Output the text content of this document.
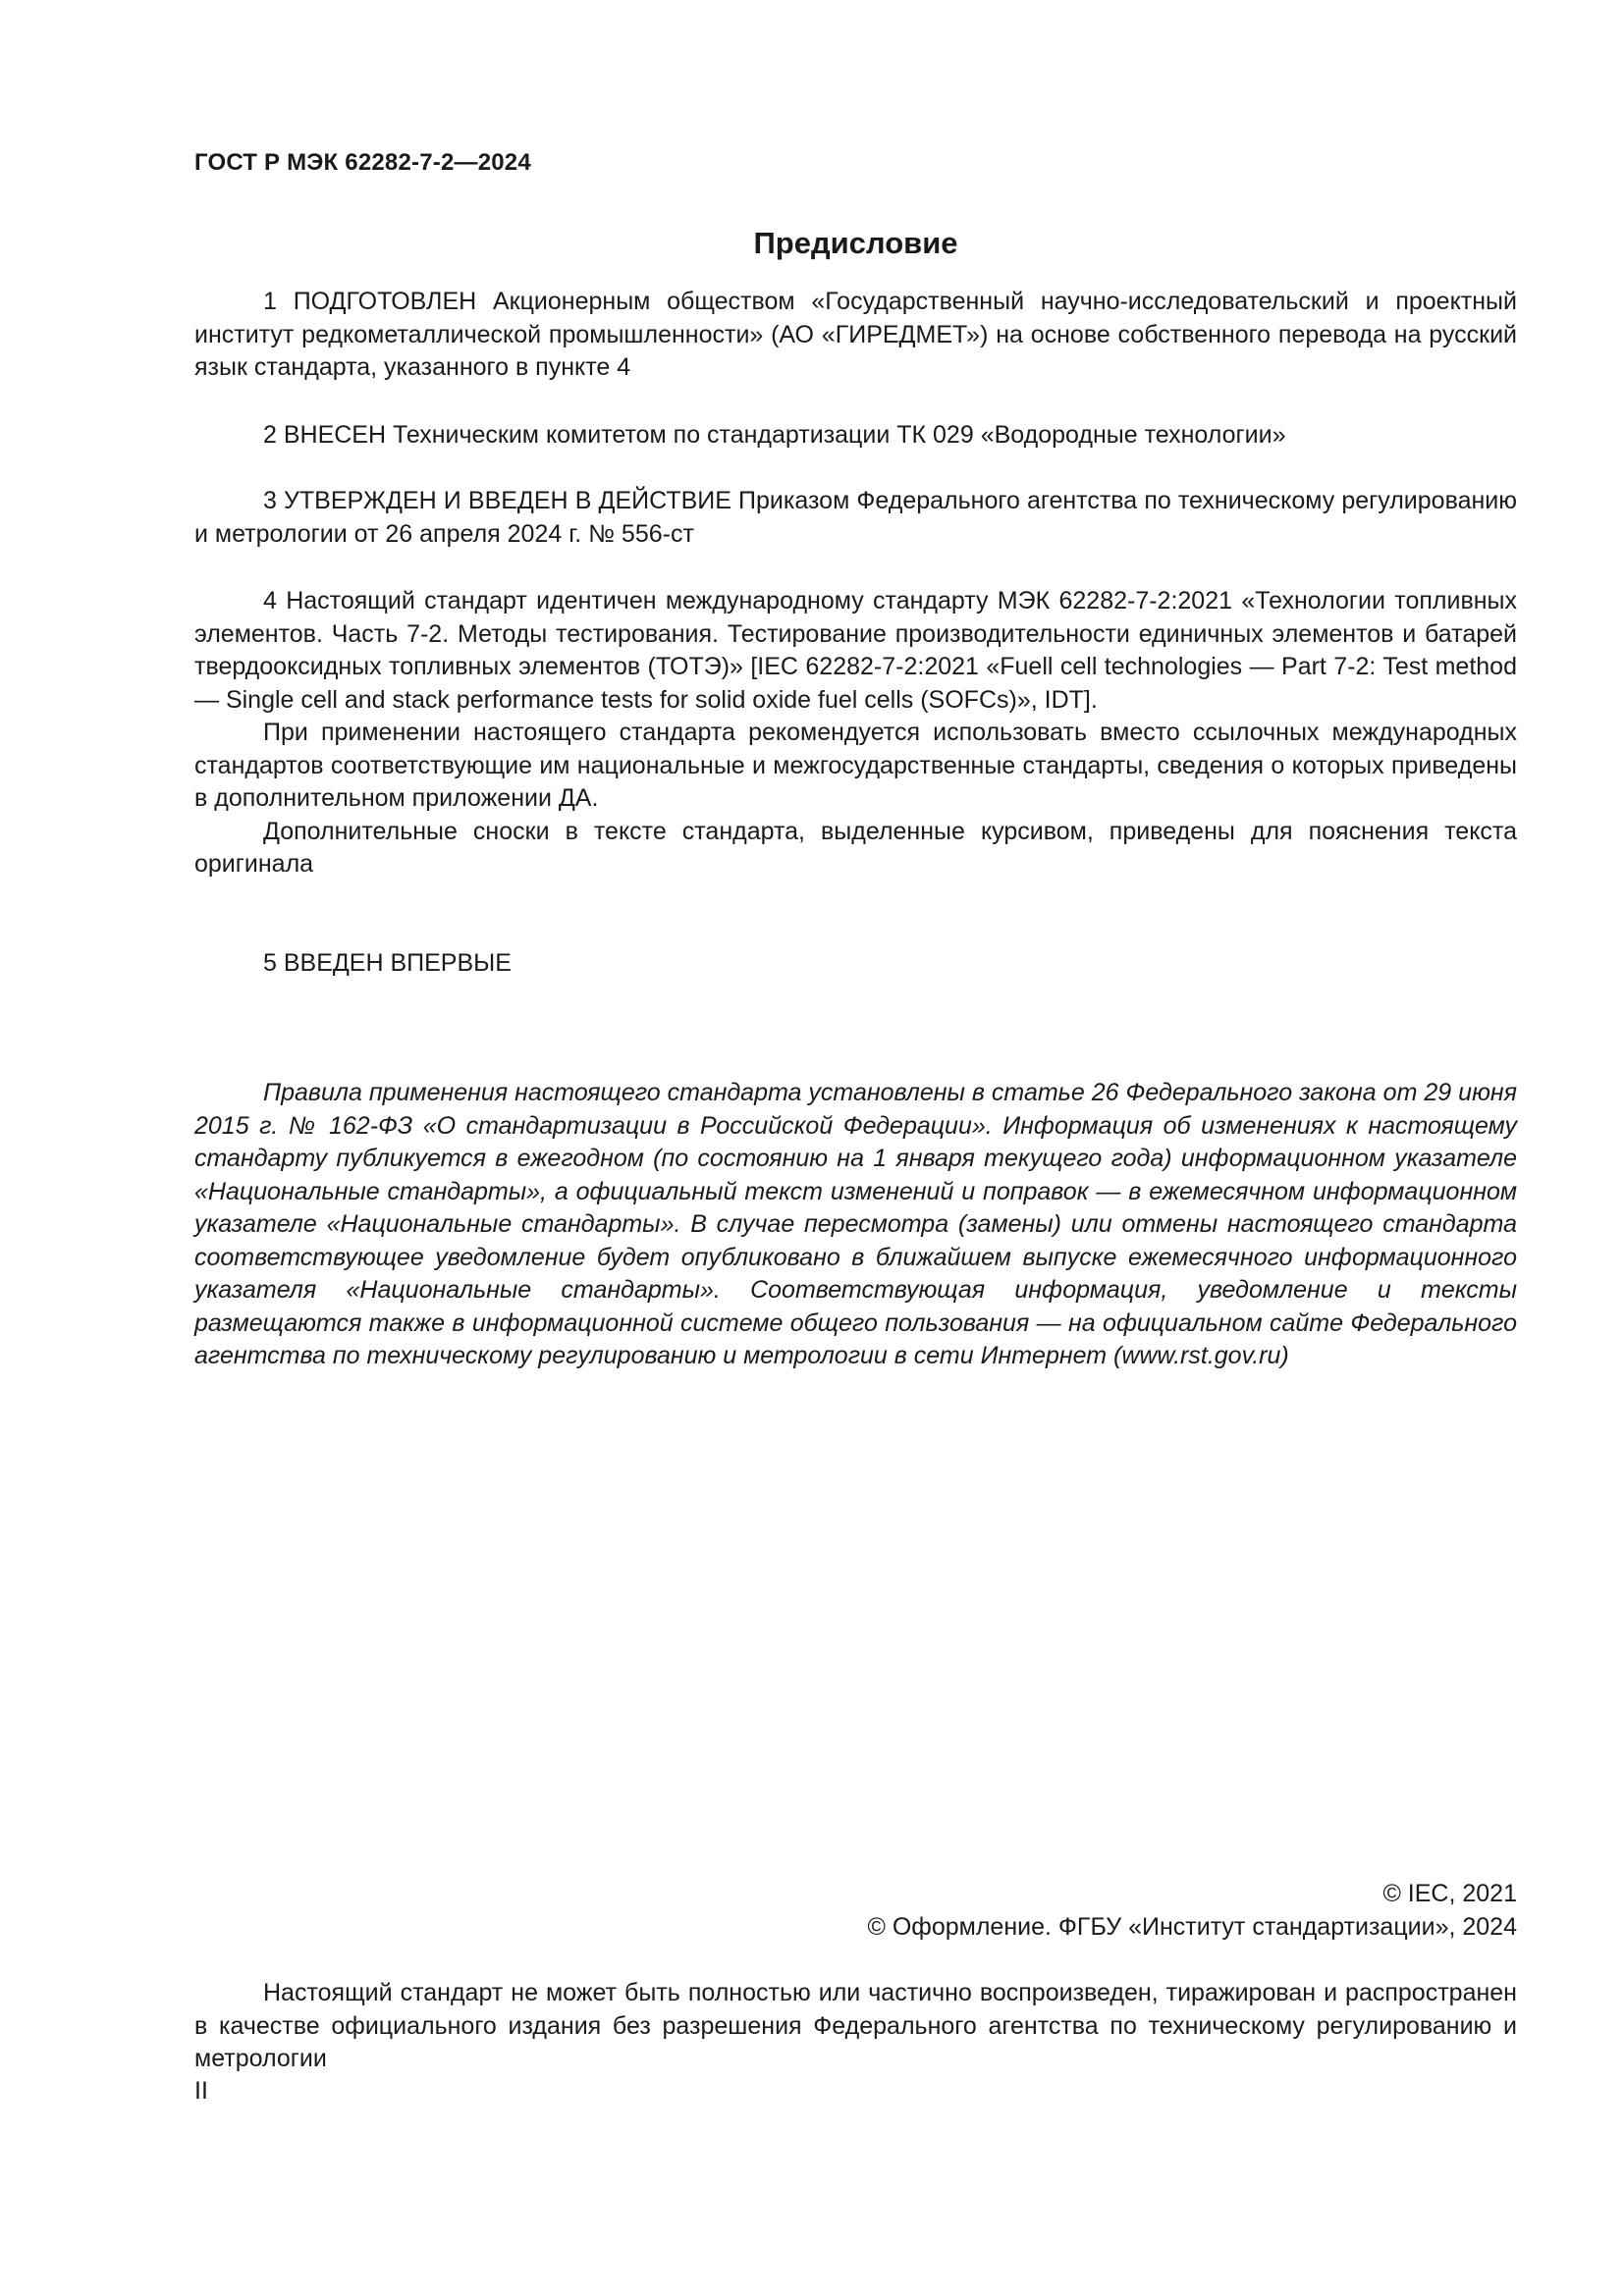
ГОСТ Р МЭК 62282-7-2—2024
Предисловие

1 ПОДГОТОВЛЕН Акционерным обществом «Государственный научно-исследовательский и проектный институт редкометаллической промышленности» (АО «ГИРЕДМЕТ») на основе собственного перевода на русский язык стандарта, указанного в пункте 4

2 ВНЕСЕН Техническим комитетом по стандартизации ТК 029 «Водородные технологии»

3 УТВЕРЖДЕН И ВВЕДЕН В ДЕЙСТВИЕ Приказом Федерального агентства по техническому регулированию и метрологии от 26 апреля 2024 г. № 556-ст

4 Настоящий стандарт идентичен международному стандарту МЭК 62282-7-2:2021 «Технологии топливных элементов. Часть 7-2. Методы тестирования. Тестирование производительности единичных элементов и батарей твердооксидных топливных элементов (ТОТЭ)» [IEC 62282-7-2:2021 «Fuell cell technologies — Part 7-2: Test method — Single cell and stack performance tests for solid oxide fuel cells (SOFCs)», IDT].

При применении настоящего стандарта рекомендуется использовать вместо ссылочных международных стандартов соответствующие им национальные и межгосударственные стандарты, сведения о которых приведены в дополнительном приложении ДА.

Дополнительные сноски в тексте стандарта, выделенные курсивом, приведены для пояснения текста оригинала

5 ВВЕДЕН ВПЕРВЫЕ

Правила применения настоящего стандарта установлены в статье 26 Федерального закона от 29 июня 2015 г. № 162-ФЗ «О стандартизации в Российской Федерации». Информация об изменениях к настоящему стандарту публикуется в ежегодном (по состоянию на 1 января текущего года) информационном указателе «Национальные стандарты», а официальный текст изменений и поправок — в ежемесячном информационном указателе «Национальные стандарты». В случае пересмотра (замены) или отмены настоящего стандарта соответствующее уведомление будет опубликовано в ближайшем выпуске ежемесячного информационного указателя «Национальные стандарты». Соответствующая информация, уведомление и тексты размещаются также в информационной системе общего пользования — на официальном сайте Федерального агентства по техническому регулированию и метрологии в сети Интернет (www.rst.gov.ru)

© IEC, 2021
© Оформление. ФГБУ «Институт стандартизации», 2024

Настоящий стандарт не может быть полностью или частично воспроизведен, тиражирован и распространен в качестве официального издания без разрешения Федерального агентства по техническому регулированию и метрологии

II
